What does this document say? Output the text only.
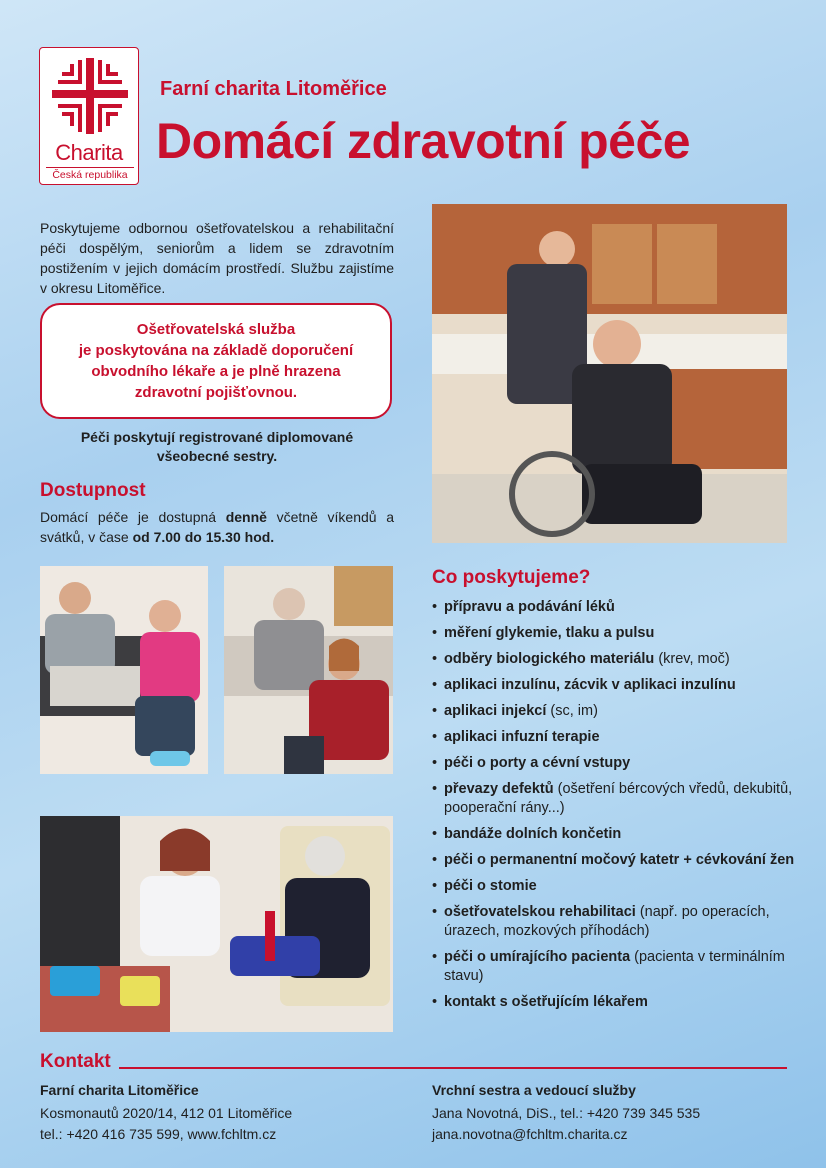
Charita
Česká republika
Farní charita Litoměřice
Domácí zdravotní péče

Poskytujeme odbornou ošetřovatelskou a rehabilitační péči dospělým, seniorům a lidem se zdravotním postižením v jejich domácím prostředí. Službu zajistíme v okresu Litoměřice.

Ošetřovatelská služba
je poskytována na základě doporučení
obvodního lékaře a je plně hrazena
zdravotní pojišťovnou.
Péči poskytují registrované diplomované
všeobecné sestry.
Dostupnost

Domácí péče je dostupná denně včetně víkendů a svátků, v čase od 7.00 do 15.30 hod.

Co poskytujeme?
• přípravu a podávání léků
• měření glykemie, tlaku a pulsu
• odběry biologického materiálu (krev, moč)
• aplikaci inzulínu, zácvik v aplikaci inzulínu
• aplikaci injekcí (sc, im)
• aplikaci infuzní terapie
• péči o porty a cévní vstupy
• převazy defektů (ošetření bércových vředů, dekubitů, pooperační rány...)
• bandáže dolních končetin
• péči o permanentní močový katetr + cévkování žen
• péči o stomie
• ošetřovatelskou rehabilitaci (např. po operacích, úrazech, mozkových příhodách)
• péči o umírajícího pacienta (pacienta v terminálním stavu)
• kontakt s ošetřujícím lékařem
Kontakt
Farní charita Litoměřice
Kosmonautů 2020/14, 412 01 Litoměřice
tel.: +420 416 735 599, www.fchltm.cz
Vrchní sestra a vedoucí služby
Jana Novotná, DiS., tel.: +420 739 345 535
jana.novotna@fchltm.charita.cz
